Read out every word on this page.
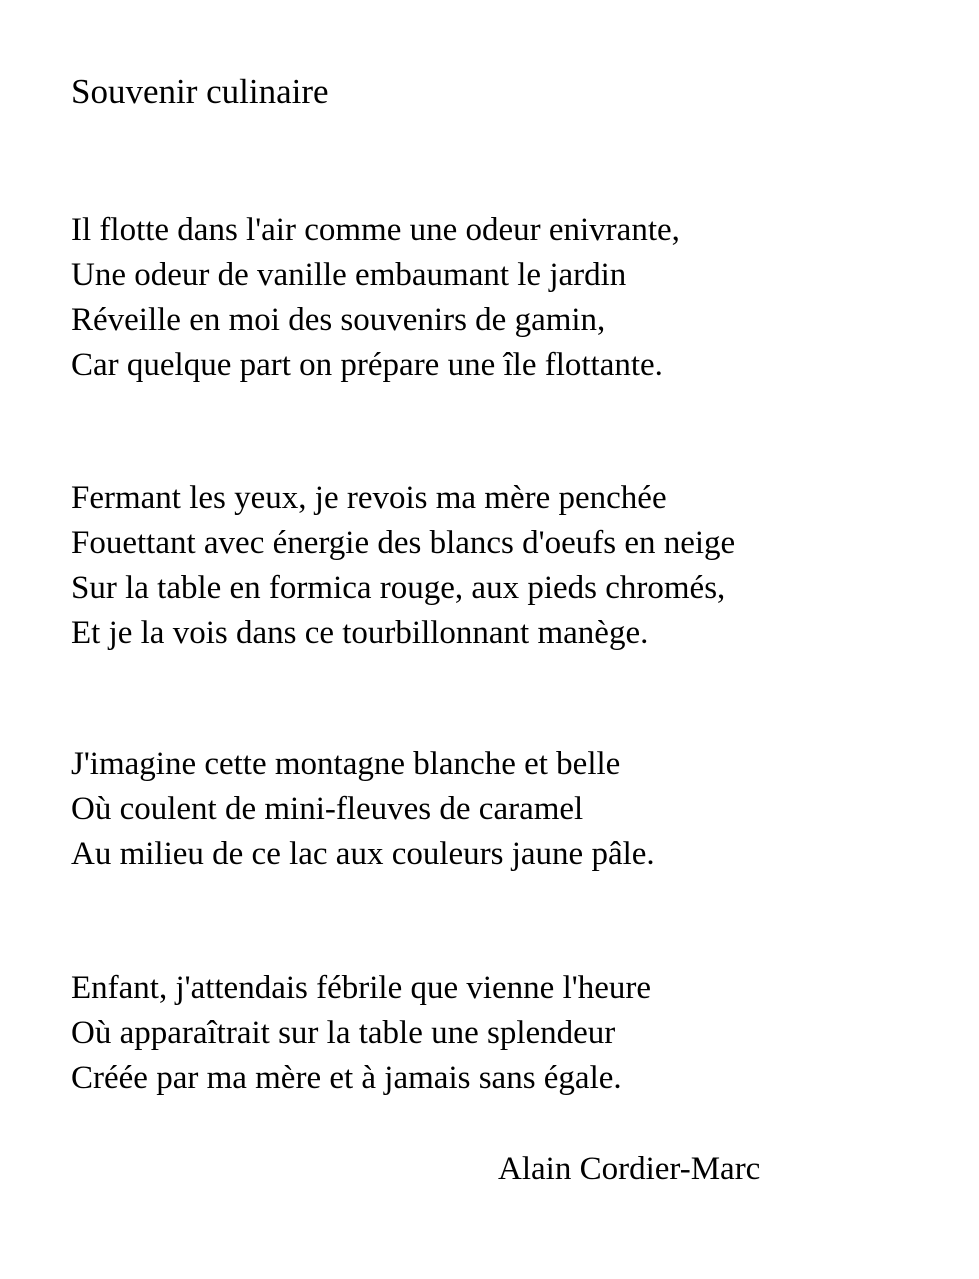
Souvenir culinaire
Il flotte dans l'air comme une odeur enivrante,
Une odeur de vanille embaumant le jardin
Réveille en moi des souvenirs de gamin,
Car quelque part on prépare une île flottante.
Fermant les yeux, je revois ma mère penchée
Fouettant avec énergie des blancs d'oeufs en neige
Sur la table en formica rouge, aux pieds chromés,
Et je la vois dans ce tourbillonnant manège.
J'imagine cette montagne blanche et belle
Où coulent de mini-fleuves de caramel
Au milieu de ce lac aux couleurs jaune pâle.
Enfant, j'attendais fébrile que vienne l'heure
Où apparaîtrait sur la table une splendeur
Créée par ma mère et à jamais sans égale.

Alain Cordier-Marc
